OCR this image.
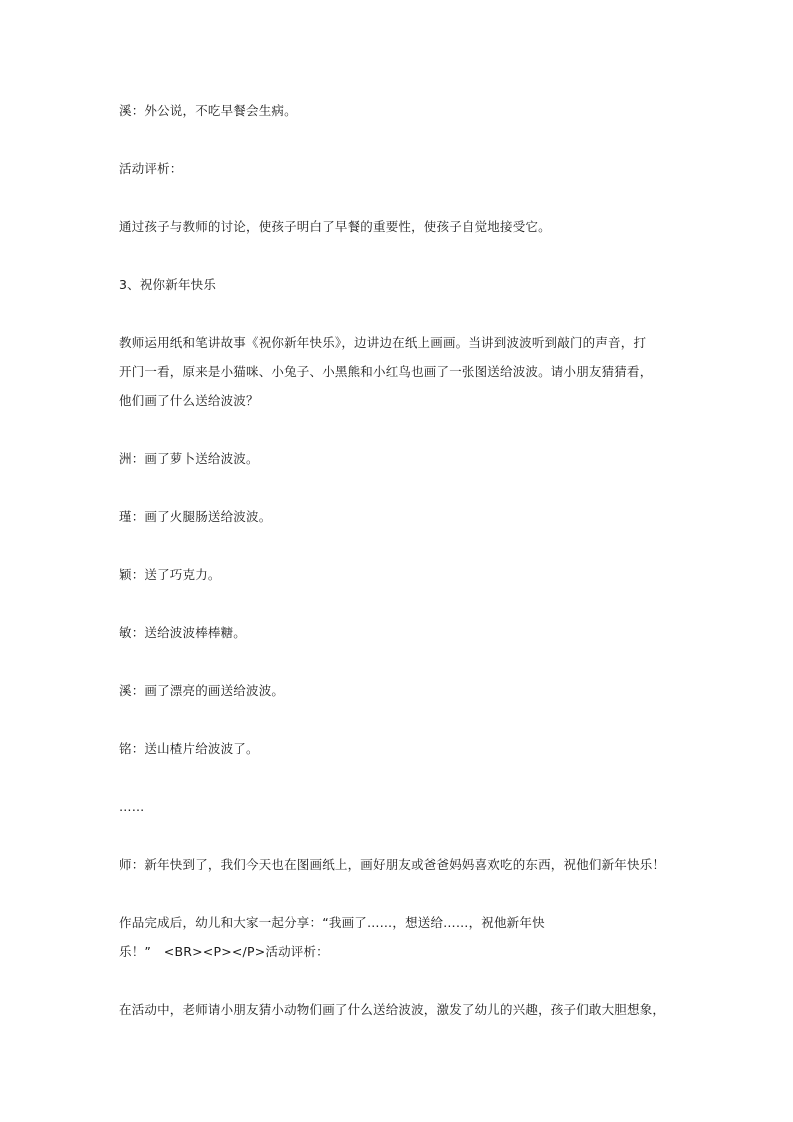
溪：外公说，不吃早餐会生病。
活动评析：
通过孩子与教师的讨论，使孩子明白了早餐的重要性，使孩子自觉地接受它。
3、祝你新年快乐
教师运用纸和笔讲故事《祝你新年快乐》，边讲边在纸上画画。当讲到波波听到敲门的声音，打
开门一看，原来是小猫咪、小兔子、小黑熊和小红鸟也画了一张图送给波波。请小朋友猜猜看，
他们画了什么送给波波？
洲：画了萝卜送给波波。
瑾：画了火腿肠送给波波。
颖：送了巧克力。
敏：送给波波棒棒糖。
溪：画了漂亮的画送给波波。
铭：送山楂片给波波了。
……
师：新年快到了，我们今天也在图画纸上，画好朋友或爸爸妈妈喜欢吃的东西，祝他们新年快乐！
作品完成后，幼儿和大家一起分享：“我画了……，想送给……，祝他新年快
乐！”　<BR><P></P>活动评析：
在活动中，老师请小朋友猜小动物们画了什么送给波波，激发了幼儿的兴趣，孩子们敢大胆想象，
